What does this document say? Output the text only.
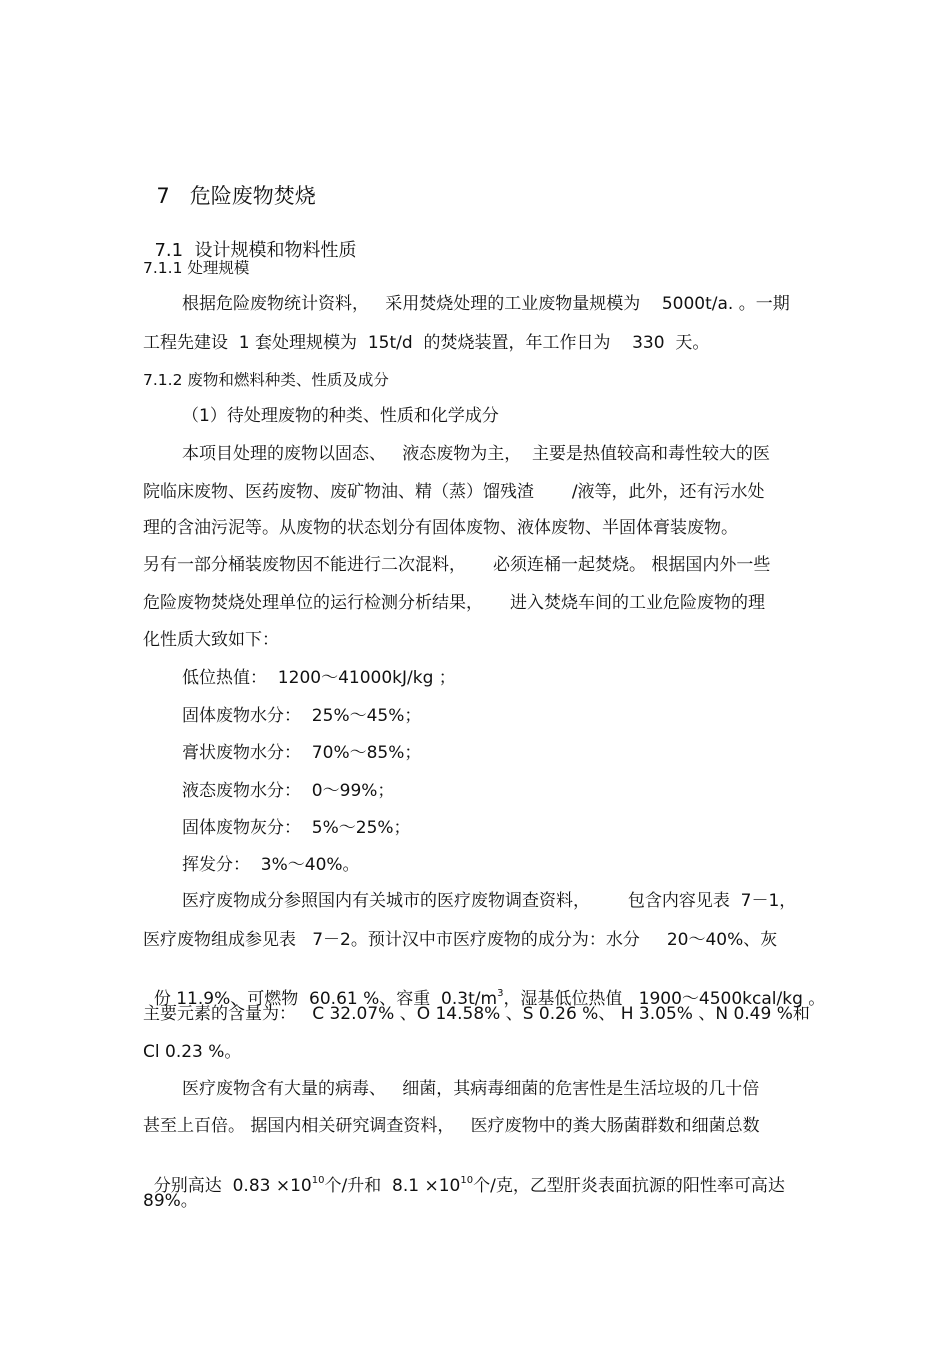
7 危险废物焚烧

7.1 设计规模和物料性质

7.1.1 处理规模
根据危险废物统计资料，   采用焚烧处理的工业废物量规模为    5000t/a. 。一期
工程先建设  1 套处理规模为  15t/d  的焚烧装置，年工作日为    330  天。
7.1.2 废物和燃料种类、性质及成分
（1）待处理废物的种类、性质和化学成分
本项目处理的废物以固态、   液态废物为主，  主要是热值较高和毒性较大的医
院临床废物、医药废物、废矿物油、精（蒸）馏残渣       /液等，此外，还有污水处
理的含油污泥等。从废物的状态划分有固体废物、液体废物、半固体膏装废物。
另有一部分桶装废物因不能进行二次混料，     必须连桶一起焚烧。 根据国内外一些
危险废物焚烧处理单位的运行检测分析结果，     进入焚烧车间的工业危险废物的理
化性质大致如下：
低位热值：  1200～41000kJ/kg ；
固体废物水分：  25%～45%；
膏状废物水分：  70%～85%；
液态废物水分：  0～99%；
固体废物灰分：  5%～25%；
挥发分：  3%～40%。
医疗废物成分参照国内有关城市的医疗废物调查资料，       包含内容见表  7－1，
医疗废物组成参见表   7－2。预计汉中市医疗废物的成分为：水分     20～40%、灰

份 11.9%、可燃物  60.61 %、容重  $0.3t/m^3$，湿基低位热值   1900～4500kcal/kg 。

主要元素的含量为：   C 32.07% 、O 14.58% 、S 0.26 %、 H 3.05% 、N 0.49 %和
Cl 0.23 %。
医疗废物含有大量的病毒、   细菌，其病毒细菌的危害性是生活垃圾的几十倍
甚至上百倍。 据国内相关研究调查资料，   医疗废物中的粪大肠菌群数和细菌总数

分别高达  $0.83 \times 10^{10}$个/升和  $8.1 \times 10^{10}$个/克，乙型肝炎表面抗源的阳性率可高达

89%。
